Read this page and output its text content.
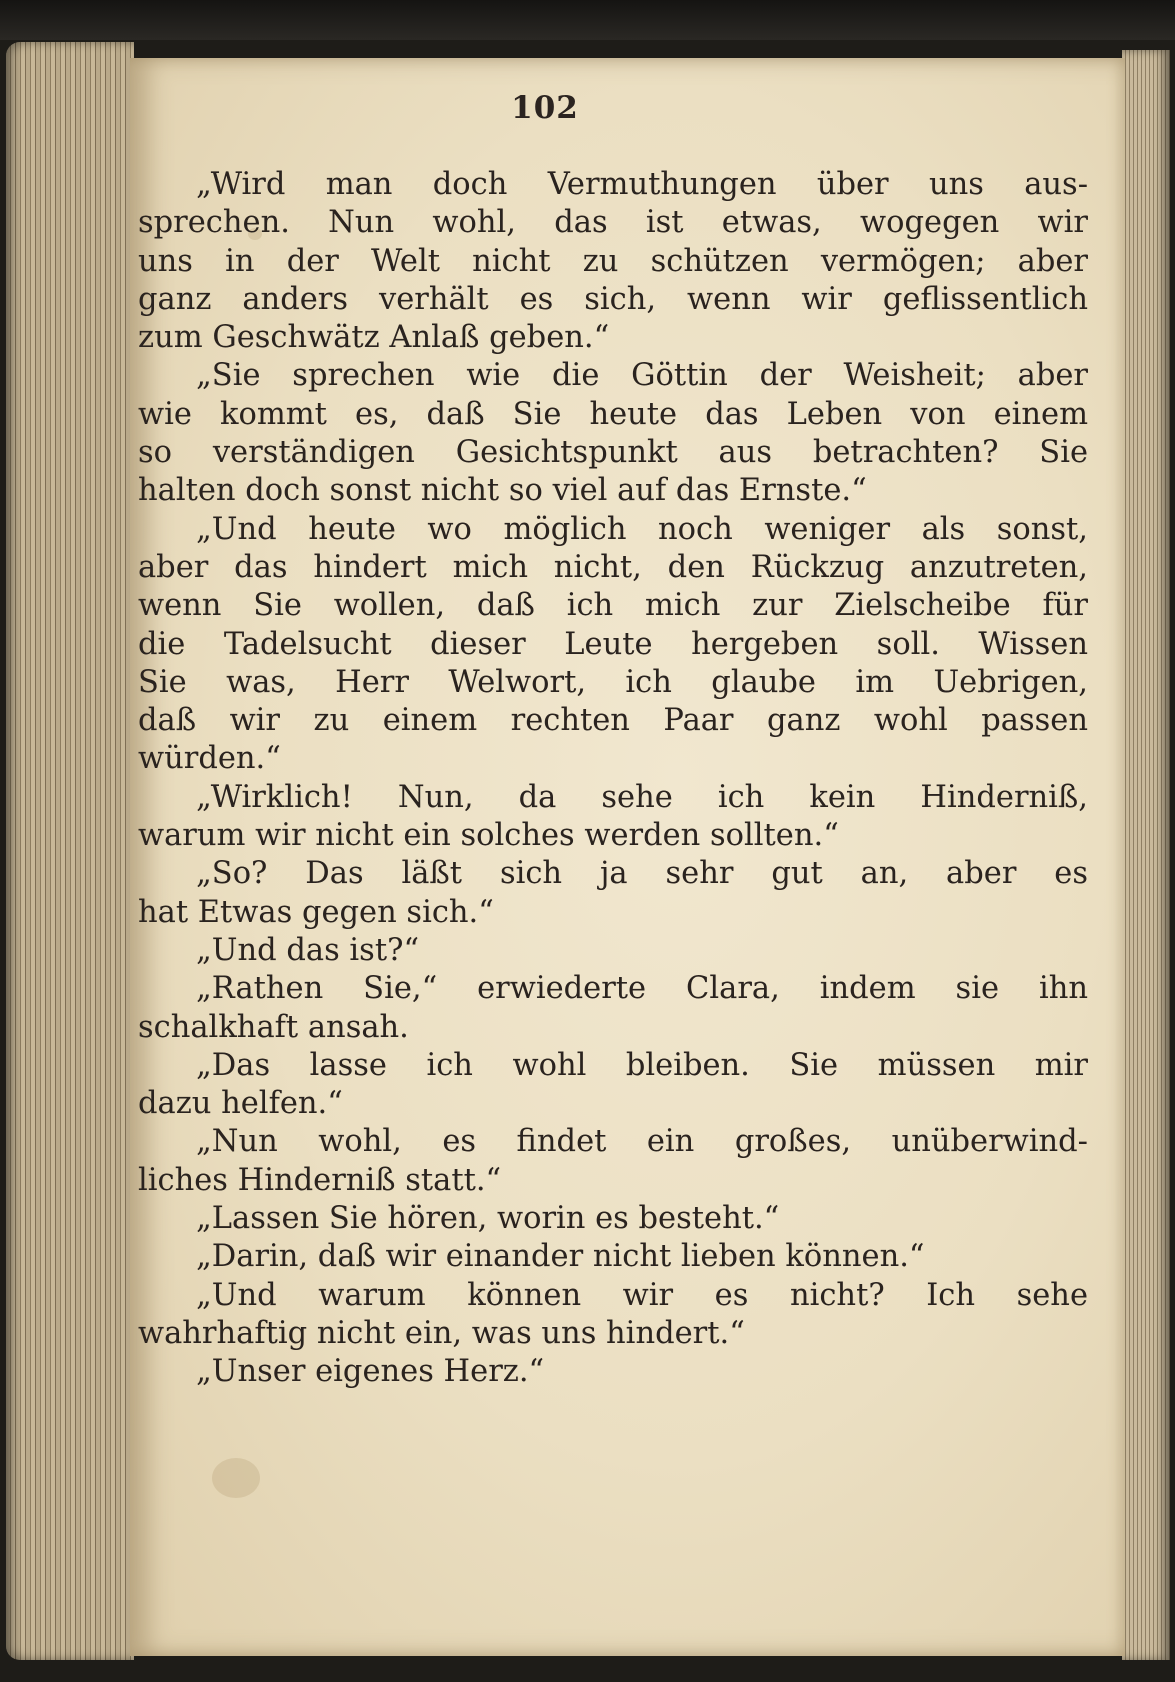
102
„Wird man doch Vermuthungen über uns aus-
sprechen. Nun wohl, das ist etwas, wogegen wir
uns in der Welt nicht zu schützen vermögen; aber
ganz anders verhält es sich, wenn wir geflissentlich
zum Geschwätz Anlaß geben.“
„Sie sprechen wie die Göttin der Weisheit; aber
wie kommt es, daß Sie heute das Leben von einem
so verständigen Gesichtspunkt aus betrachten? Sie
halten doch sonst nicht so viel auf das Ernste.“
„Und heute wo möglich noch weniger als sonst,
aber das hindert mich nicht, den Rückzug anzutreten,
wenn Sie wollen, daß ich mich zur Zielscheibe für
die Tadelsucht dieser Leute hergeben soll. Wissen
Sie was, Herr Welwort, ich glaube im Uebrigen,
daß wir zu einem rechten Paar ganz wohl passen
würden.“
„Wirklich! Nun, da sehe ich kein Hinderniß,
warum wir nicht ein solches werden sollten.“
„So? Das läßt sich ja sehr gut an, aber es
hat Etwas gegen sich.“
„Und das ist?“
„Rathen Sie,“ erwiederte Clara, indem sie ihn
schalkhaft ansah.
„Das lasse ich wohl bleiben. Sie müssen mir
dazu helfen.“
„Nun wohl, es findet ein großes, unüberwind-
liches Hinderniß statt.“
„Lassen Sie hören, worin es besteht.“
„Darin, daß wir einander nicht lieben können.“
„Und warum können wir es nicht? Ich sehe
wahrhaftig nicht ein, was uns hindert.“
„Unser eigenes Herz.“
